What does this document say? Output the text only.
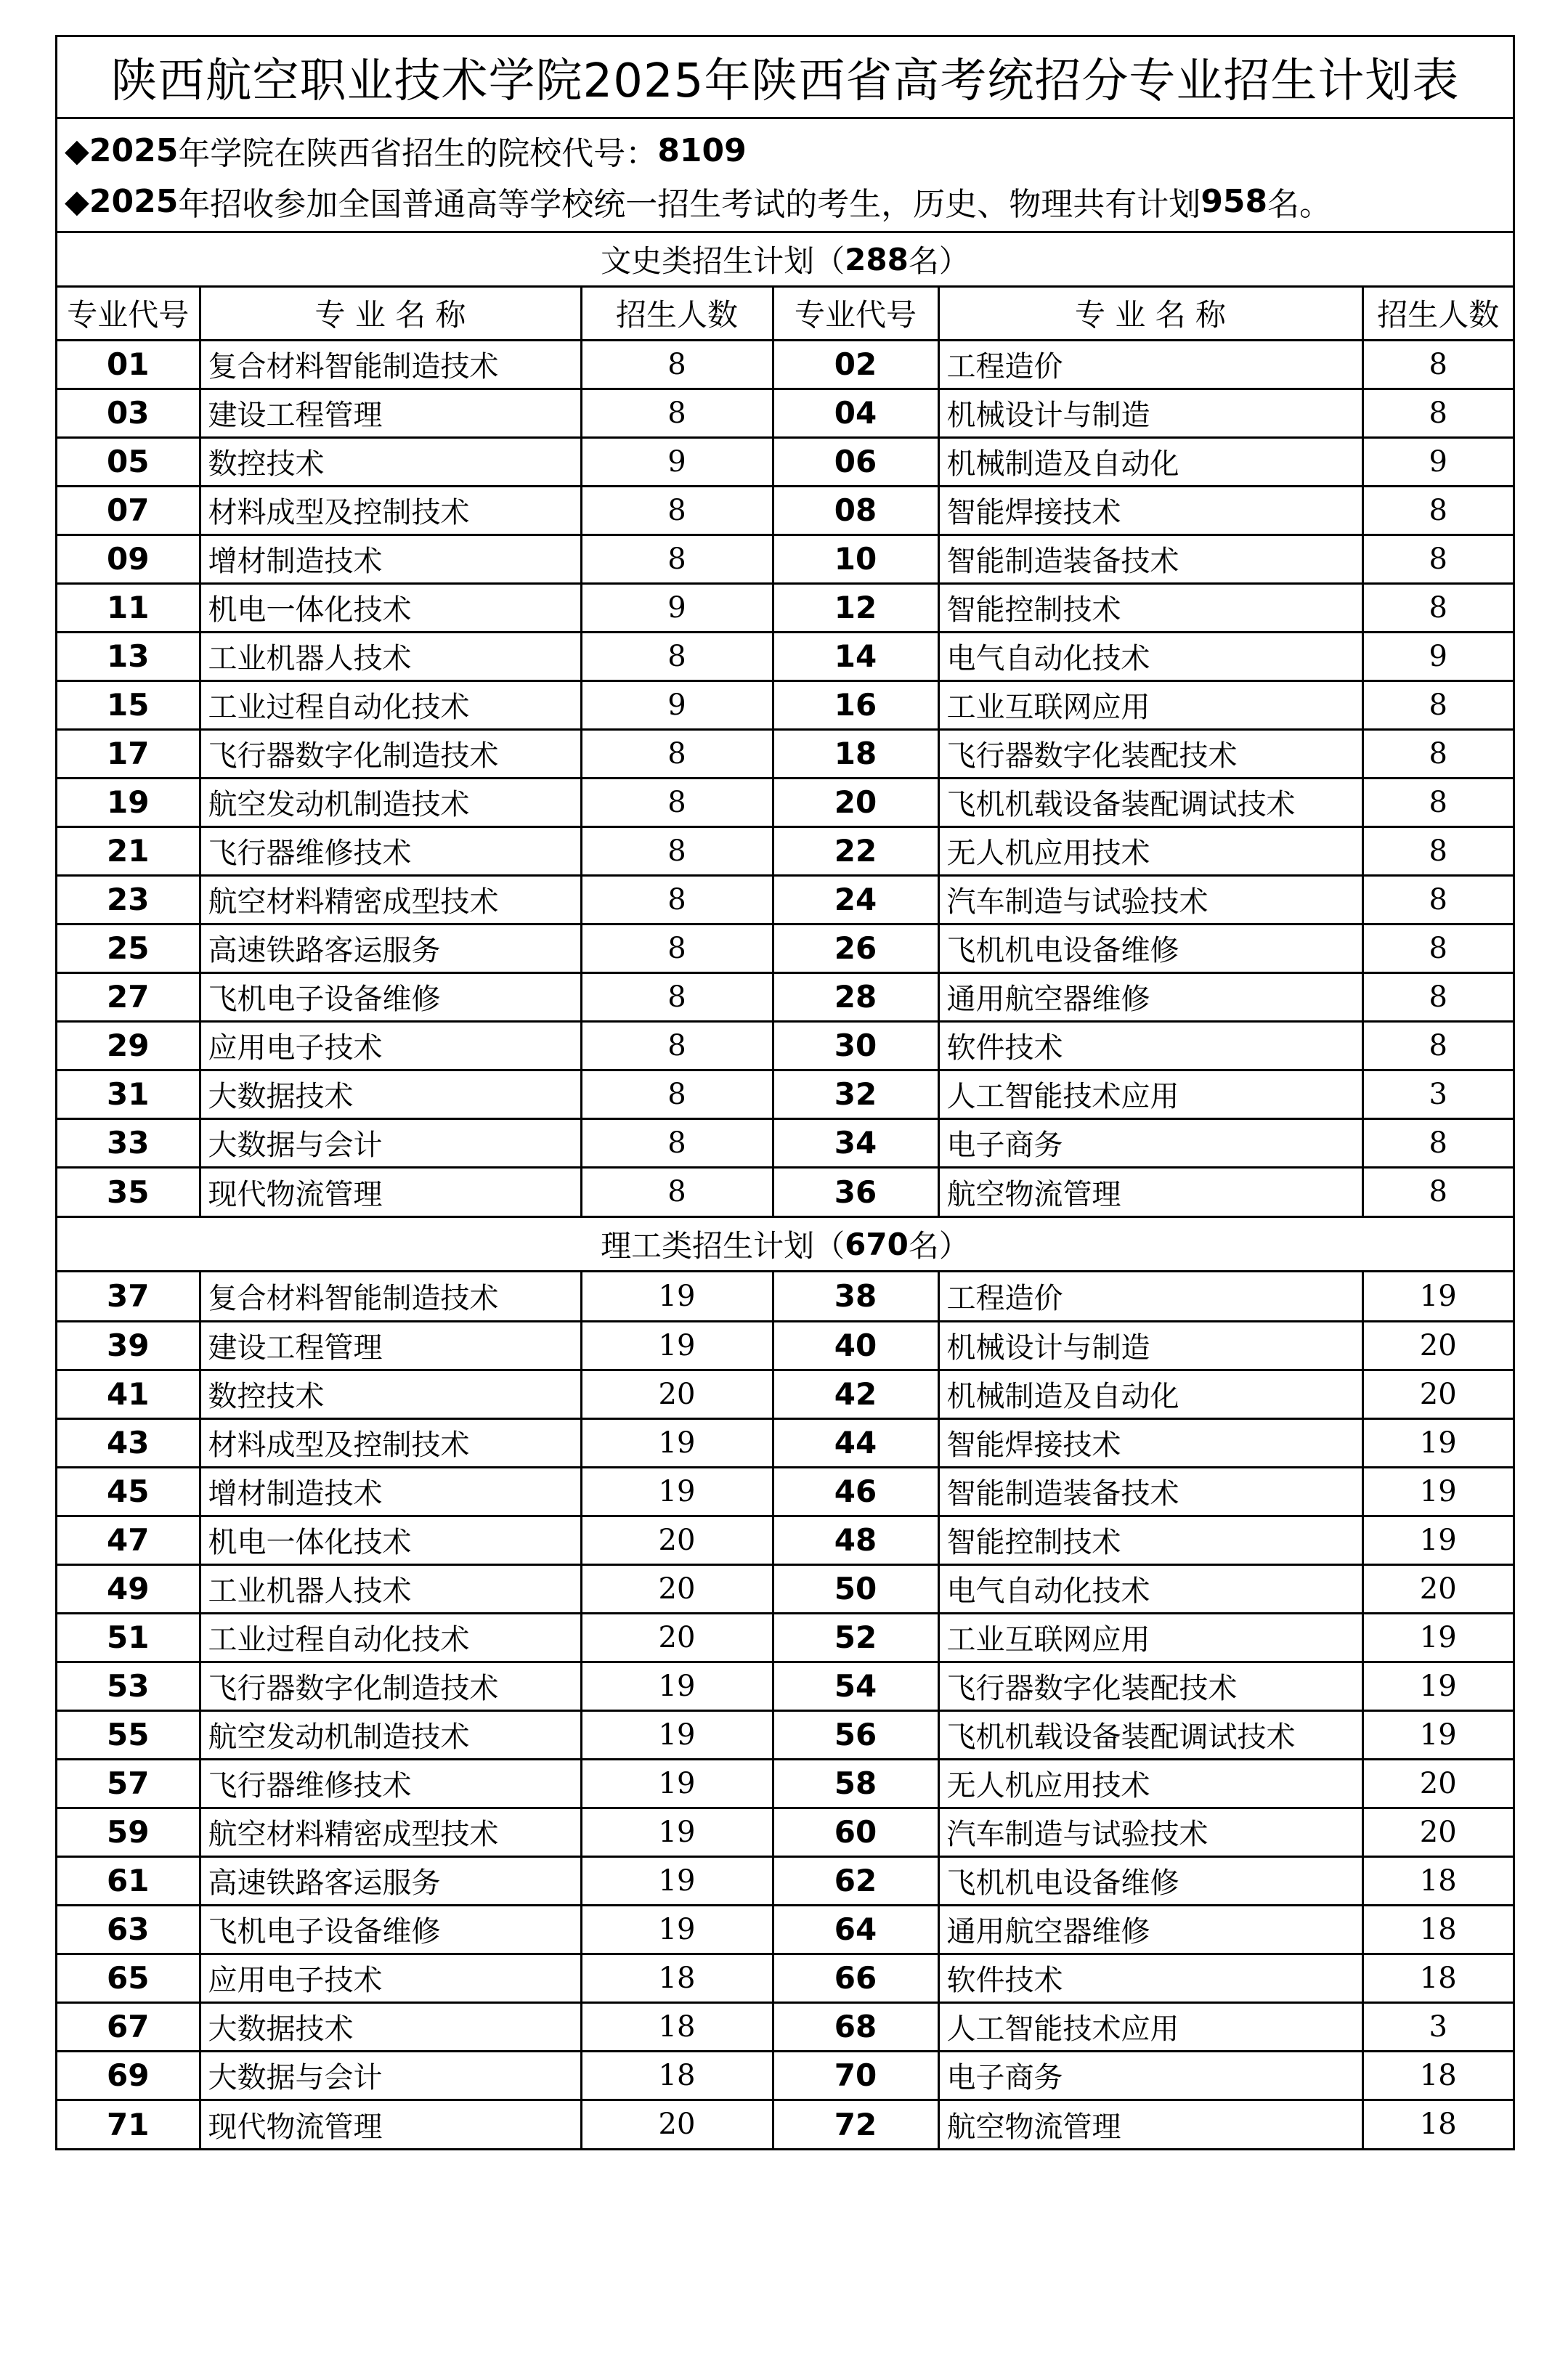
陕西航空职业技术学院2025年陕西省高考统招分专业招生计划表
◆ 2025 年学院在陕西省招生的院校代号： 8109
◆ 2025 年招收参加全国普通高等学校统一招生考试的考生，历史、物理共有计划 958 名。
文史类招生计划（ 288 名）
专业代号	专 业 名 称	招生人数	专业代号	专 业 名 称	招生人数
01	复合材料智能制造技术	8	02	工程造价	8
03	建设工程管理	8	04	机械设计与制造	8
05	数控技术	9	06	机械制造及自动化	9
07	材料成型及控制技术	8	08	智能焊接技术	8
09	增材制造技术	8	10	智能制造装备技术	8
11	机电一体化技术	9	12	智能控制技术	8
13	工业机器人技术	8	14	电气自动化技术	9
15	工业过程自动化技术	9	16	工业互联网应用	8
17	飞行器数字化制造技术	8	18	飞行器数字化装配技术	8
19	航空发动机制造技术	8	20	飞机机载设备装配调试技术	8
21	飞行器维修技术	8	22	无人机应用技术	8
23	航空材料精密成型技术	8	24	汽车制造与试验技术	8
25	高速铁路客运服务	8	26	飞机机电设备维修	8
27	飞机电子设备维修	8	28	通用航空器维修	8
29	应用电子技术	8	30	软件技术	8
31	大数据技术	8	32	人工智能技术应用	3
33	大数据与会计	8	34	电子商务	8
35	现代物流管理	8	36	航空物流管理	8
理工类招生计划（ 670 名）
37	复合材料智能制造技术	19	38	工程造价	19
39	建设工程管理	19	40	机械设计与制造	20
41	数控技术	20	42	机械制造及自动化	20
43	材料成型及控制技术	19	44	智能焊接技术	19
45	增材制造技术	19	46	智能制造装备技术	19
47	机电一体化技术	20	48	智能控制技术	19
49	工业机器人技术	20	50	电气自动化技术	20
51	工业过程自动化技术	20	52	工业互联网应用	19
53	飞行器数字化制造技术	19	54	飞行器数字化装配技术	19
55	航空发动机制造技术	19	56	飞机机载设备装配调试技术	19
57	飞行器维修技术	19	58	无人机应用技术	20
59	航空材料精密成型技术	19	60	汽车制造与试验技术	20
61	高速铁路客运服务	19	62	飞机机电设备维修	18
63	飞机电子设备维修	19	64	通用航空器维修	18
65	应用电子技术	18	66	软件技术	18
67	大数据技术	18	68	人工智能技术应用	3
69	大数据与会计	18	70	电子商务	18
71	现代物流管理	20	72	航空物流管理	18
